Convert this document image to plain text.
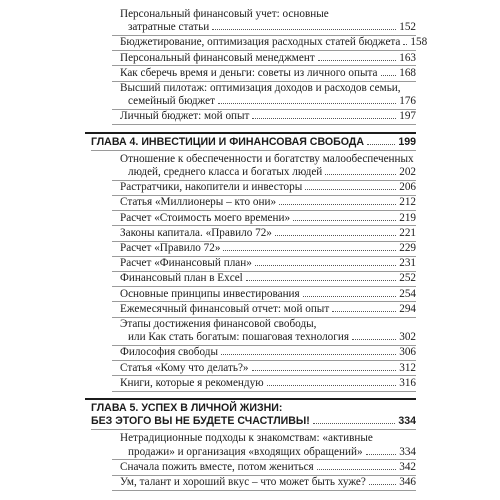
Персональный финансовый учет: основные
затратные статьи	152
Бюджетирование, оптимизация расходных статей бюджета 158
Персональный финансовый менеджмент	163
Как сберечь время и деньги: советы из личного опыта 168
Высший пилотаж: оптимизация доходов и расходов семьи,
семейный бюджет	176
Личный бюджет: мой опыт	197
ГЛАВА 4. ИНВЕСТИЦИИ И ФИНАНСОВАЯ СВОБОДА	199
Отношение к обеспеченности и богатству малообеспеченных
людей, среднего класса и богатых людей	202
Растратчики, накопители и инвесторы	206
Статья «Миллионеры – кто они»	212
Расчет «Стоимость моего времени»	219
Законы капитала. «Правило 72»	221
Расчет «Правило 72»	229
Расчет «Финансовый план»	231
Финансовый план в Excel	252
Основные принципы инвестирования	254
Ежемесячный финансовый отчет: мой опыт	294
Этапы достижения финансовой свободы,
или Как стать богатым: пошаговая технология	302
Философия свободы	306
Статья «Кому что делать?»	312
Книги, которые я рекомендую	316
ГЛАВА 5. УСПЕХ В ЛИЧНОЙ ЖИЗНИ:
БЕЗ ЭТОГО ВЫ НЕ БУДЕТЕ СЧАСТЛИВЫ!	334
Нетрадиционные подходы к знакомствам: «активные
продажи» и организация «входящих обращений»	334
Сначала пожить вместе, потом жениться	342
Ум, талант и хороший вкус – что может быть хуже?	346
